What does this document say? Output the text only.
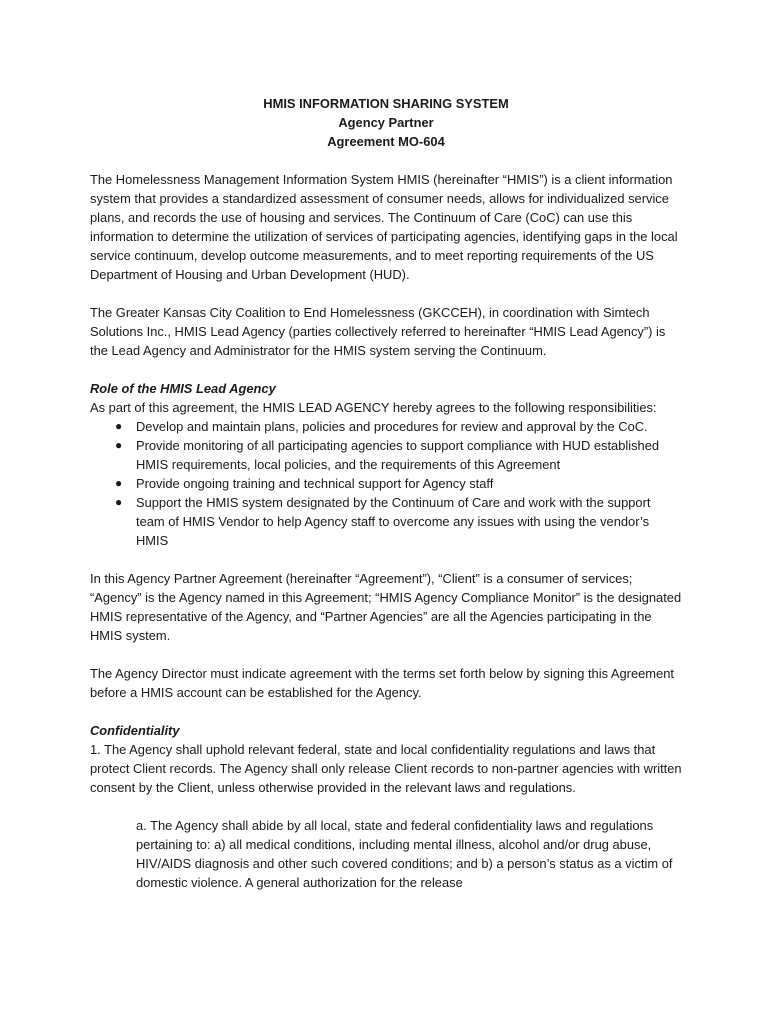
HMIS INFORMATION SHARING SYSTEM
Agency Partner
Agreement MO-604

The Homelessness Management Information System HMIS (hereinafter “HMIS”) is a client information system that provides a standardized assessment of consumer needs, allows for individualized service plans, and records the use of housing and services. The Continuum of Care (CoC) can use this information to determine the utilization of services of participating agencies, identifying gaps in the local service continuum, develop outcome measurements, and to meet reporting requirements of the US Department of Housing and Urban Development (HUD).

The Greater Kansas City Coalition to End Homelessness (GKCCEH), in coordination with Simtech Solutions Inc., HMIS Lead Agency (parties collectively referred to hereinafter “HMIS Lead Agency”) is the Lead Agency and Administrator for the HMIS system serving the Continuum.

Role of the HMIS Lead Agency

As part of this agreement, the HMIS LEAD AGENCY hereby agrees to the following responsibilities:

● Develop and maintain plans, policies and procedures for review and approval by the CoC.
● Provide monitoring of all participating agencies to support compliance with HUD established HMIS requirements, local policies, and the requirements of this Agreement
● Provide ongoing training and technical support for Agency staff
● Support the HMIS system designated by the Continuum of Care and work with the support team of HMIS Vendor to help Agency staff to overcome any issues with using the vendor’s HMIS

In this Agency Partner Agreement (hereinafter “Agreement”), “Client” is a consumer of services; “Agency” is the Agency named in this Agreement; “HMIS Agency Compliance Monitor” is the designated HMIS representative of the Agency, and “Partner Agencies” are all the Agencies participating in the HMIS system.

The Agency Director must indicate agreement with the terms set forth below by signing this Agreement before a HMIS account can be established for the Agency.

Confidentiality

1. The Agency shall uphold relevant federal, state and local confidentiality regulations and laws that protect Client records. The Agency shall only release Client records to non-partner agencies with written consent by the Client, unless otherwise provided in the relevant laws and regulations.

a. The Agency shall abide by all local, state and federal confidentiality laws and regulations pertaining to: a) all medical conditions, including mental illness, alcohol and/or drug abuse, HIV/AIDS diagnosis and other such covered conditions; and b) a person’s status as a victim of domestic violence. A general authorization for the release
